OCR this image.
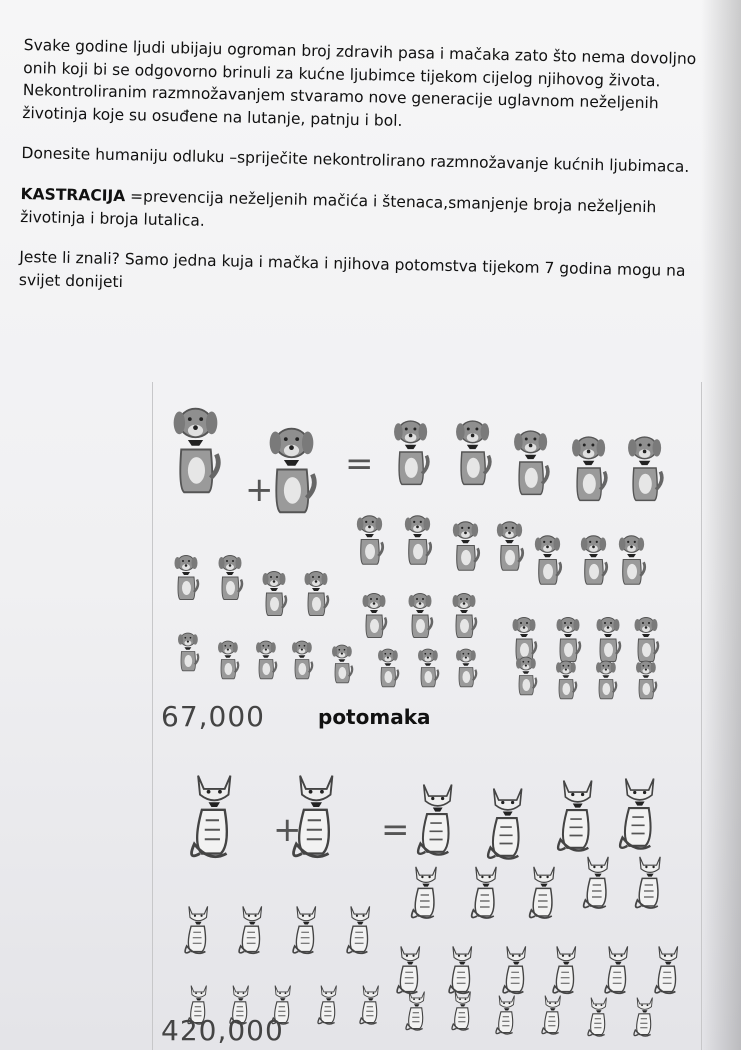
Svake godine ljudi ubijaju ogroman broj zdravih pasa i mačaka zato što nema dovoljno onih koji bi se odgovorno brinuli za kućne ljubimce tijekom cijelog njihovog života. Nekontroliranim razmnožavanjem stvaramo nove generacije uglavnom neželjenih životinja koje su osuđene na lutanje, patnju i bol.

Donesite humaniju odluku –spriječite nekontrolirano razmnožavanje kućnih ljubimaca.

KASTRACIJA =prevencija neželjenih mačića i štenaca,smanjenje broja neželjenih životinja i broja lutalica.

Jeste li znali? Samo jedna kuja i mačka i njihova potomstva tijekom 7 godina mogu na svijet donijeti

+
=
67,000	potomaka
+ =
420,000
